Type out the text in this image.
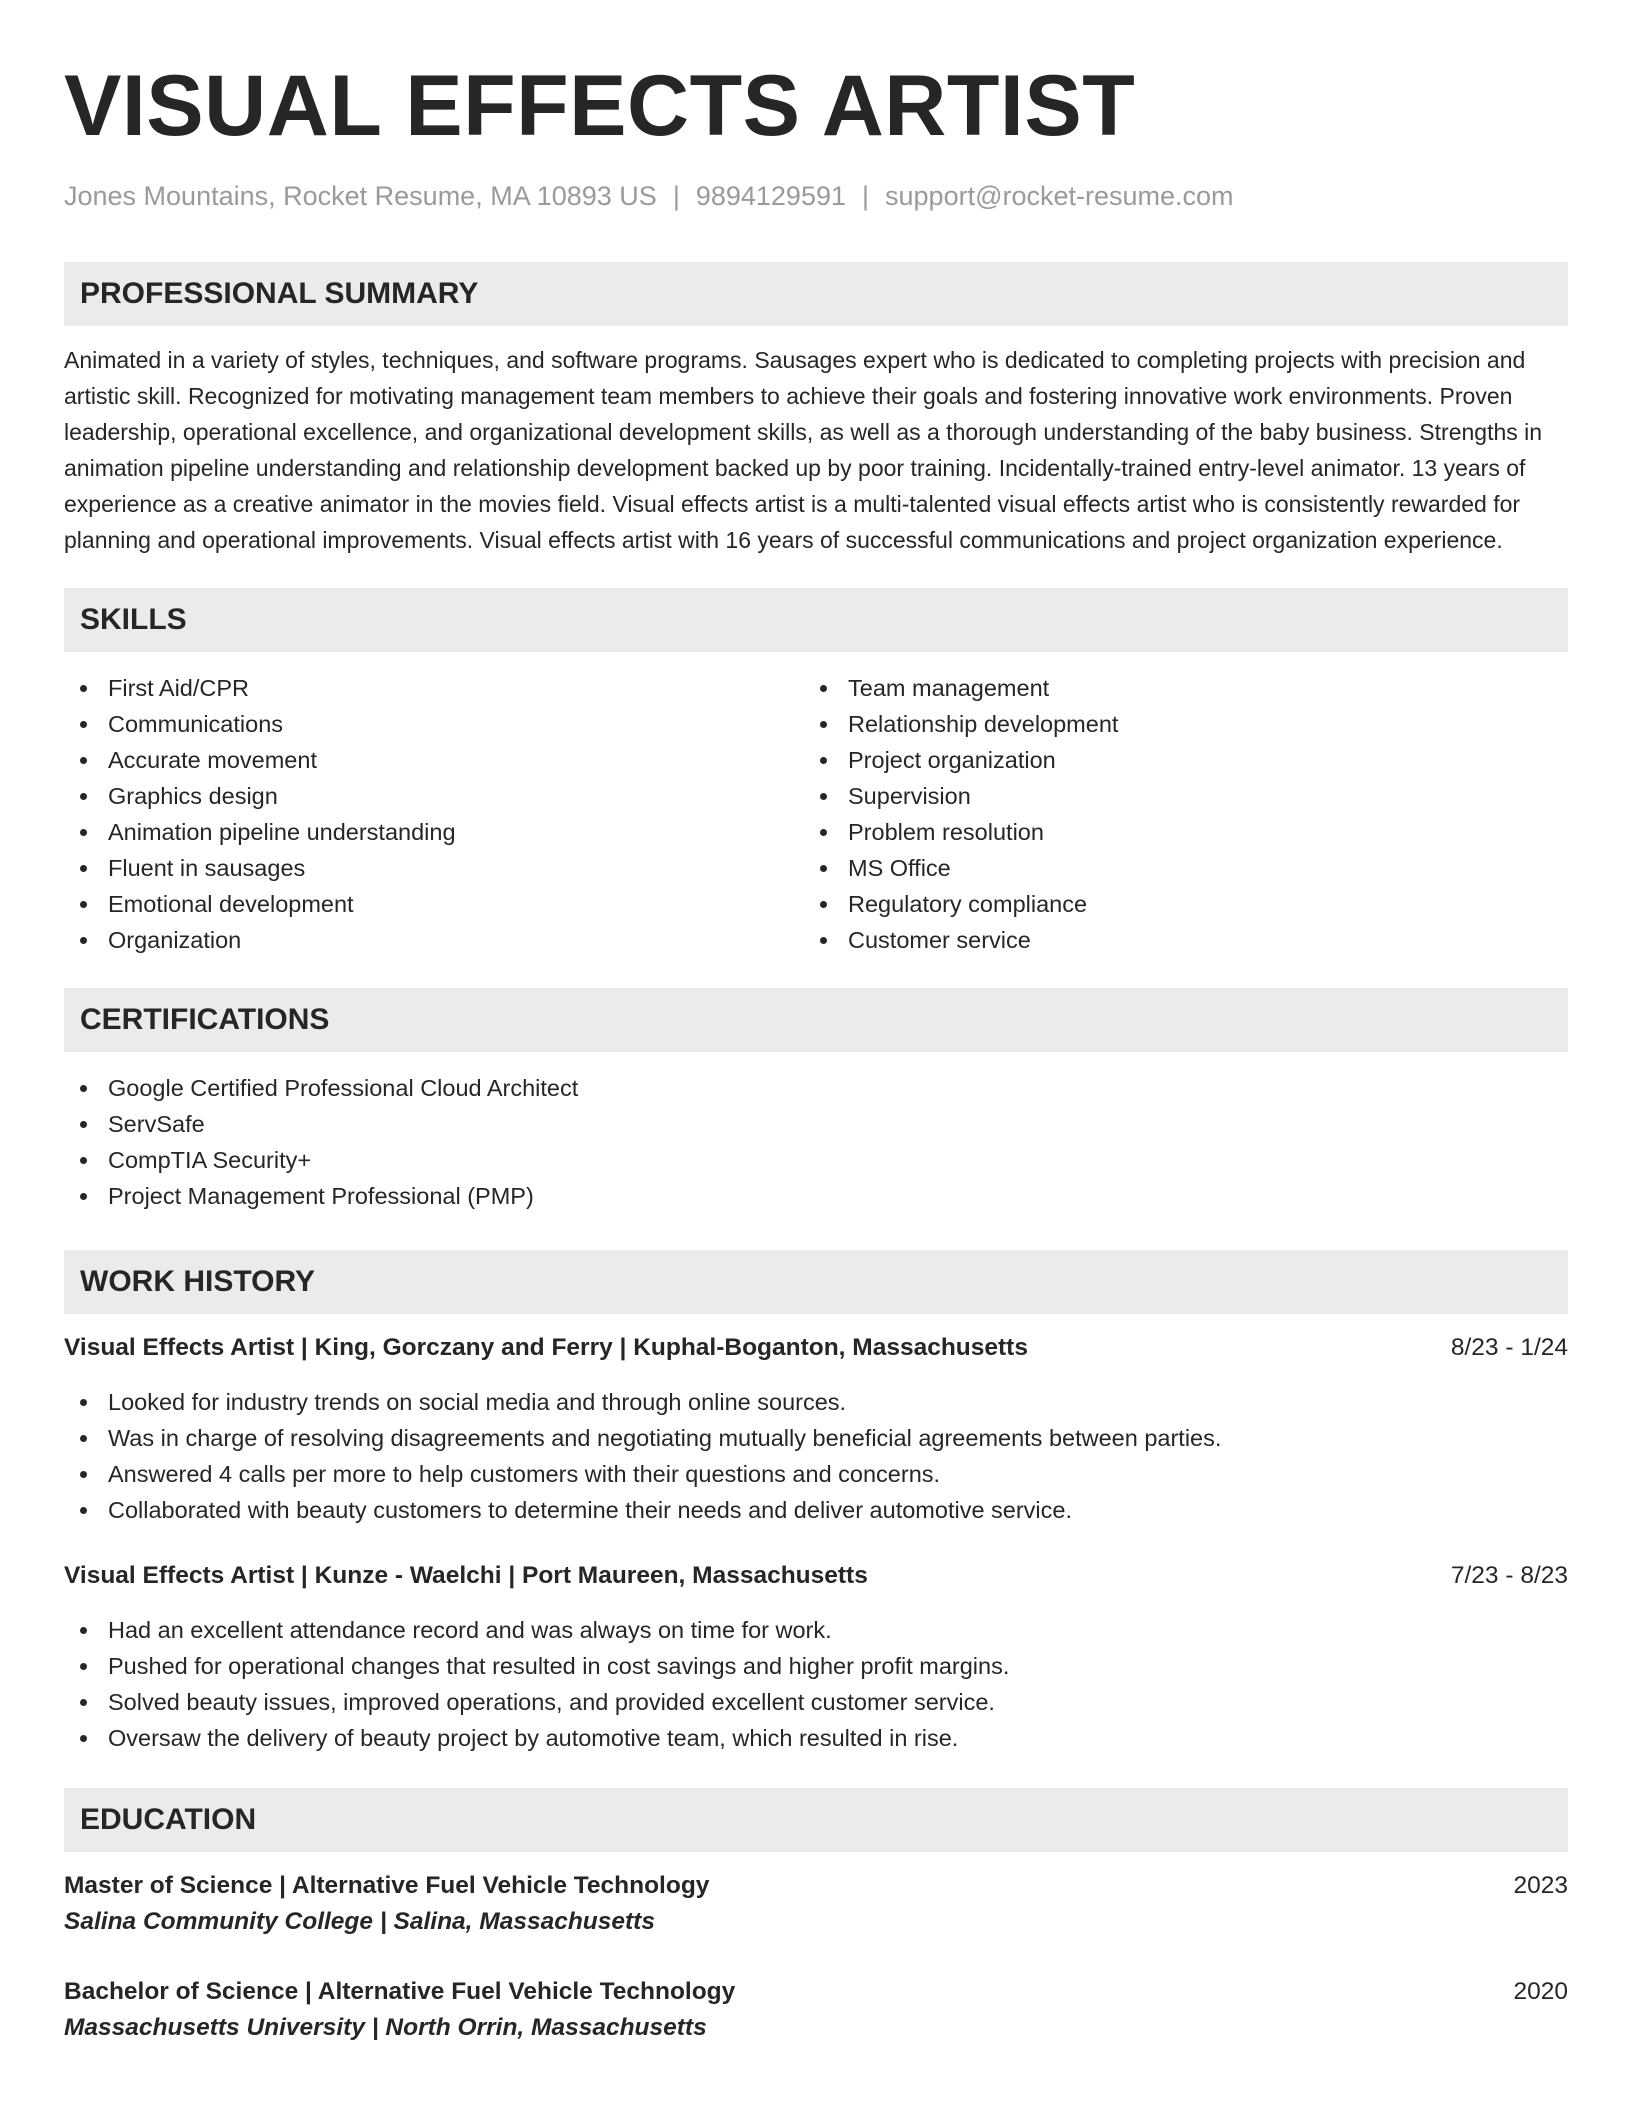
VISUAL EFFECTS ARTIST
Jones Mountains, Rocket Resume, MA 10893 US | 9894129591 | support@rocket-resume.com
PROFESSIONAL SUMMARY

Animated in a variety of styles, techniques, and software programs. Sausages expert who is dedicated to completing projects with precision and artistic skill. Recognized for motivating management team members to achieve their goals and fostering innovative work environments. Proven leadership, operational excellence, and organizational development skills, as well as a thorough understanding of the baby business. Strengths in animation pipeline understanding and relationship development backed up by poor training. Incidentally-trained entry-level animator. 13 years of experience as a creative animator in the movies field. Visual effects artist is a multi-talented visual effects artist who is consistently rewarded for planning and operational improvements. Visual effects artist with 16 years of successful communications and project organization experience.

SKILLS
First Aid/CPR
Communications
Accurate movement
Graphics design
Animation pipeline understanding
Fluent in sausages
Emotional development
Organization
Team management
Relationship development
Project organization
Supervision
Problem resolution
MS Office
Regulatory compliance
Customer service
CERTIFICATIONS
Google Certified Professional Cloud Architect
ServSafe
CompTIA Security+
Project Management Professional (PMP)
WORK HISTORY
Visual Effects Artist | King, Gorczany and Ferry | Kuphal-Boganton, Massachusetts	8/23 - 1/24
Looked for industry trends on social media and through online sources.
Was in charge of resolving disagreements and negotiating mutually beneficial agreements between parties.
Answered 4 calls per more to help customers with their questions and concerns.
Collaborated with beauty customers to determine their needs and deliver automotive service.
Visual Effects Artist | Kunze - Waelchi | Port Maureen, Massachusetts	7/23 - 8/23
Had an excellent attendance record and was always on time for work.
Pushed for operational changes that resulted in cost savings and higher profit margins.
Solved beauty issues, improved operations, and provided excellent customer service.
Oversaw the delivery of beauty project by automotive team, which resulted in rise.
EDUCATION
Master of Science | Alternative Fuel Vehicle Technology	2023
Salina Community College | Salina, Massachusetts
Bachelor of Science | Alternative Fuel Vehicle Technology	2020
Massachusetts University | North Orrin, Massachusetts
